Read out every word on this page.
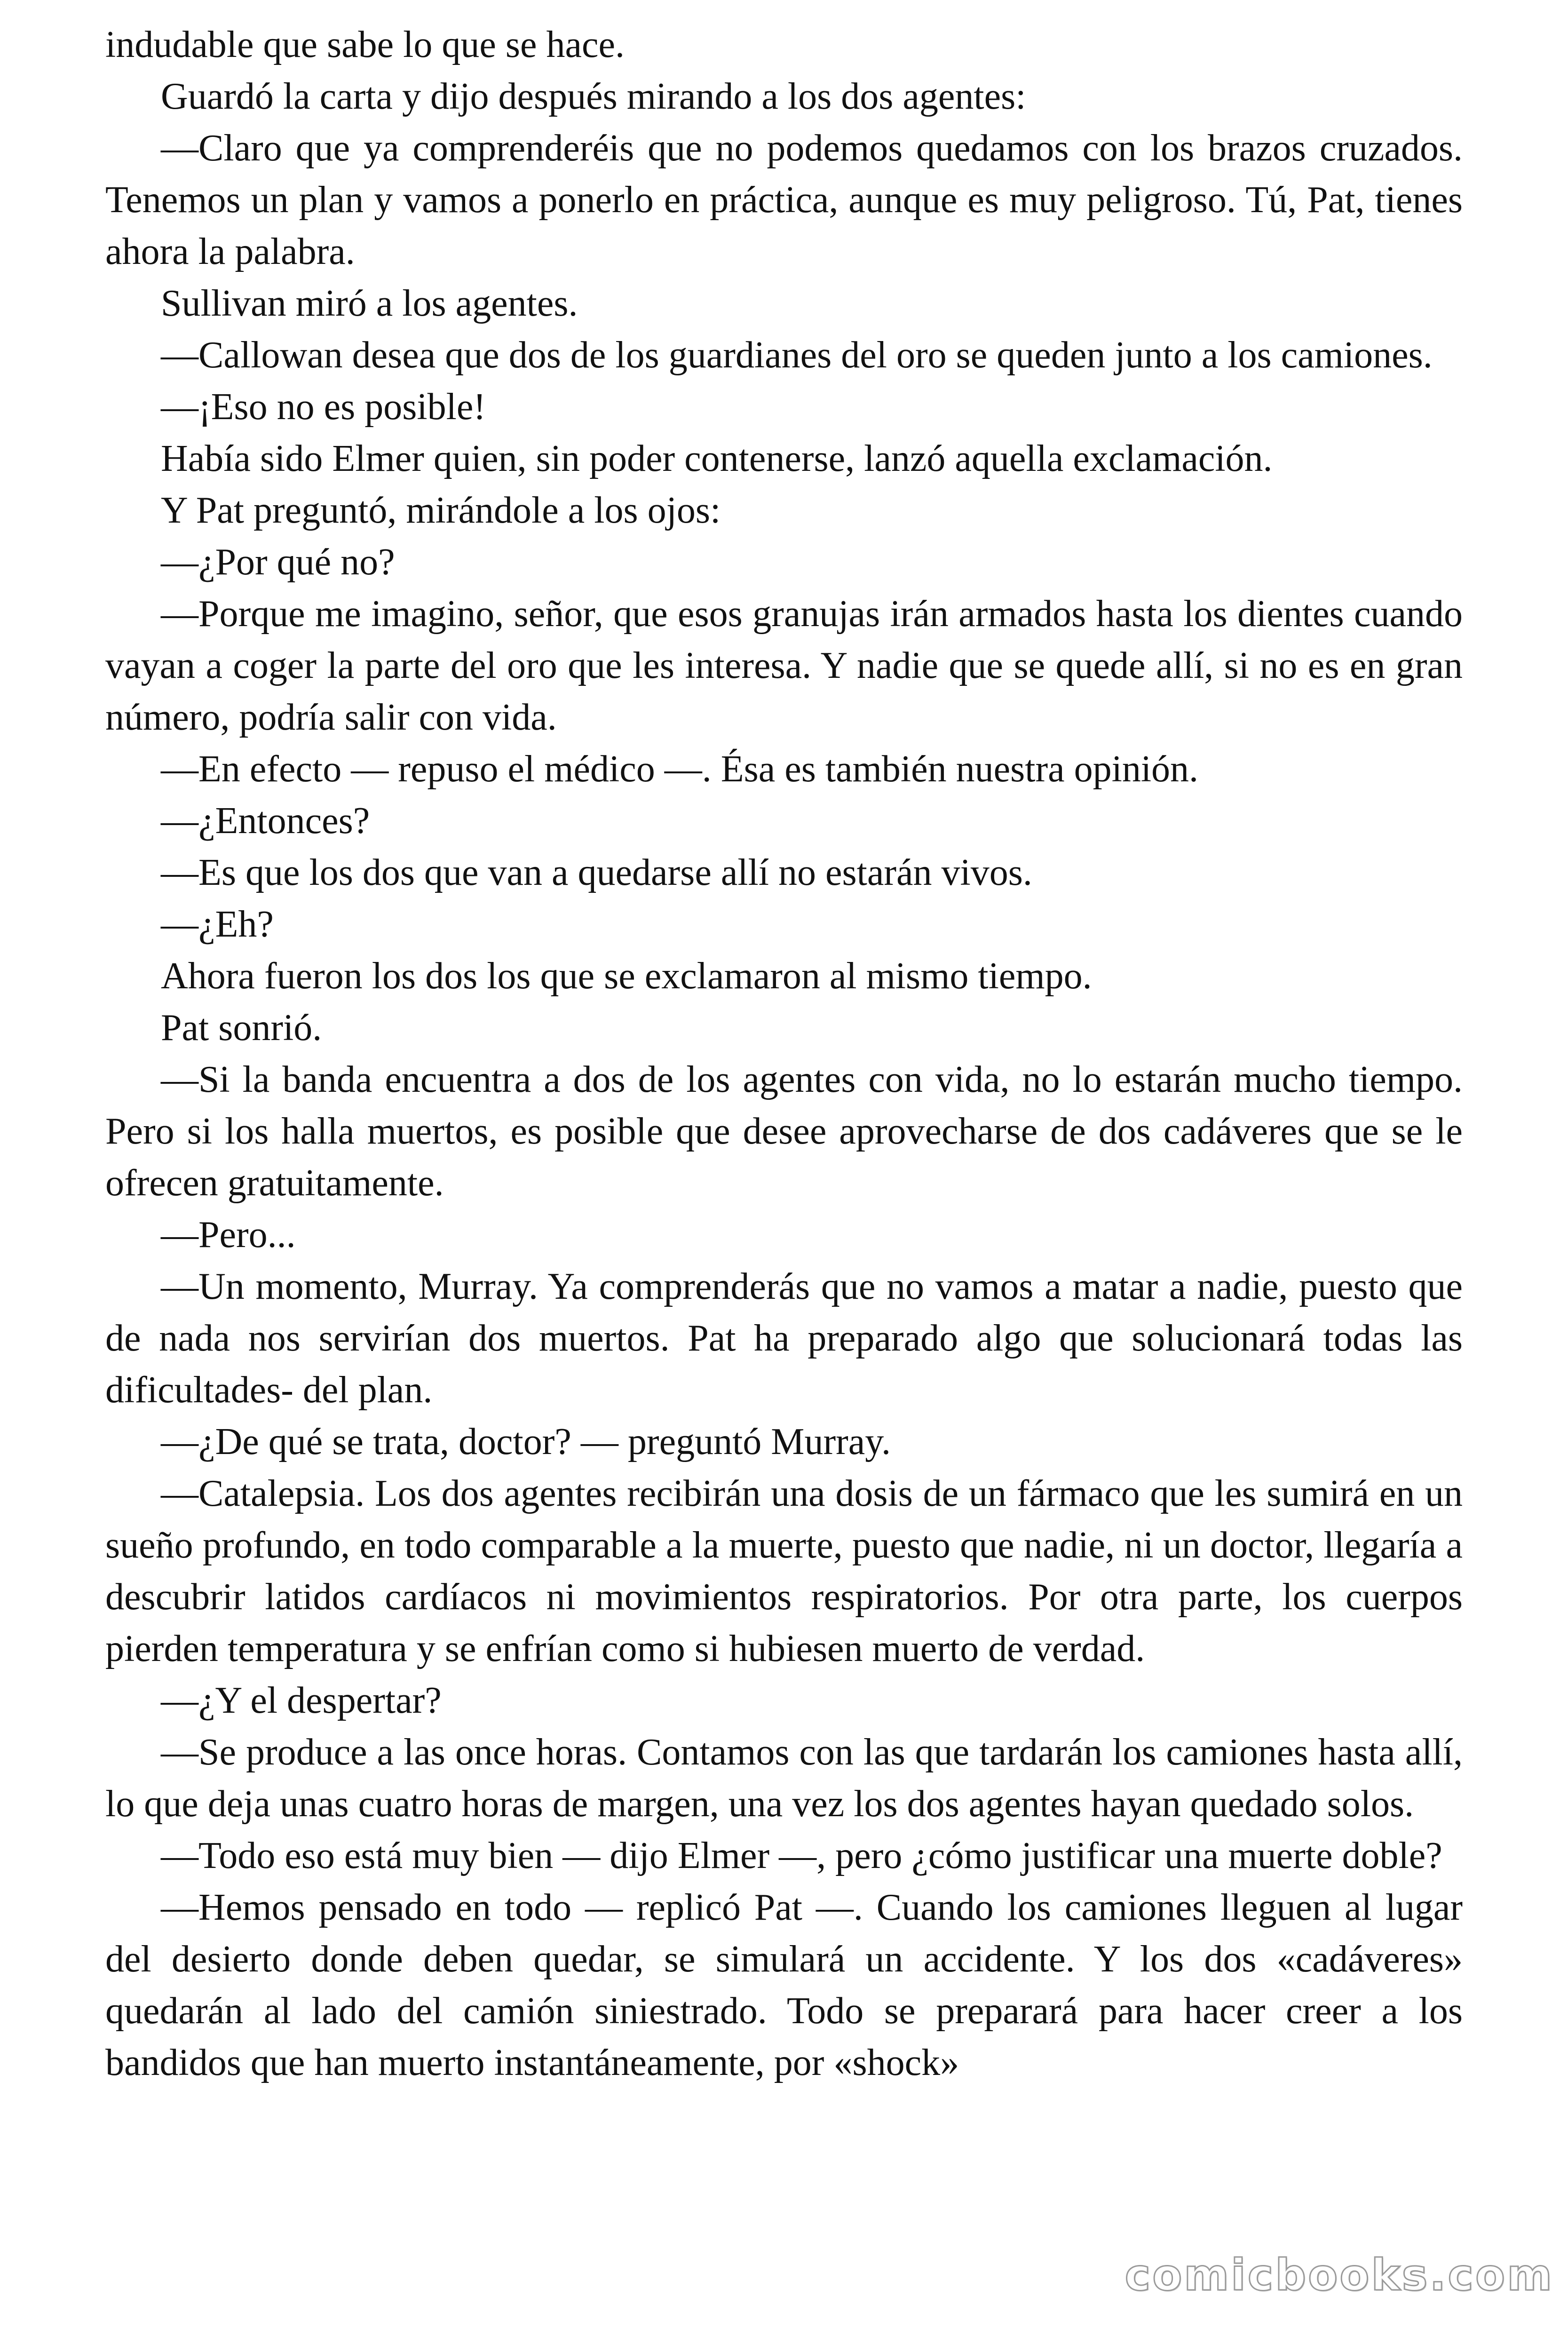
indudable que sabe lo que se hace.

Guardó la carta y dijo después mirando a los dos agentes:

—Claro que ya comprenderéis que no podemos quedamos con los brazos cruzados. Tenemos un plan y vamos a ponerlo en práctica, aunque es muy peligroso. Tú, Pat, tienes ahora la palabra.

Sullivan miró a los agentes.

—Callowan desea que dos de los guardianes del oro se queden junto a los camiones.

—¡Eso no es posible!

Había sido Elmer quien, sin poder contenerse, lanzó aquella exclamación.

Y Pat preguntó, mirándole a los ojos:

—¿Por qué no?

—Porque me imagino, señor, que esos granujas irán armados hasta los dientes cuando vayan a coger la parte del oro que les interesa. Y nadie que se quede allí, si no es en gran número, podría salir con vida.

—En efecto — repuso el médico —. Ésa es también nuestra opinión.

—¿Entonces?

—Es que los dos que van a quedarse allí no estarán vivos.

—¿Eh?

Ahora fueron los dos los que se exclamaron al mismo tiempo.

Pat sonrió.

—Si la banda encuentra a dos de los agentes con vida, no lo estarán mucho tiempo. Pero si los halla muertos, es posible que desee aprovecharse de dos cadáveres que se le ofrecen gratuitamente.

—Pero...

—Un momento, Murray. Ya comprenderás que no vamos a matar a nadie, puesto que de nada nos servirían dos muertos. Pat ha preparado algo que solucionará todas las dificultades- del plan.

—¿De qué se trata, doctor? — preguntó Murray.

—Catalepsia. Los dos agentes recibirán una dosis de un fármaco que les sumirá en un sueño profundo, en todo comparable a la muerte, puesto que nadie, ni un doctor, llegaría a descubrir latidos cardíacos ni movimientos respiratorios. Por otra parte, los cuerpos pierden temperatura y se enfrían como si hubiesen muerto de verdad.

—¿Y el despertar?

—Se produce a las once horas. Contamos con las que tardarán los camiones hasta allí, lo que deja unas cuatro horas de margen, una vez los dos agentes hayan quedado solos.

—Todo eso está muy bien — dijo Elmer —, pero ¿cómo justificar una muerte doble?

—Hemos pensado en todo — replicó Pat —. Cuando los camiones lleguen al lugar del desierto donde deben quedar, se simulará un accidente. Y los dos «cadáveres» quedarán al lado del camión siniestrado. Todo se preparará para hacer creer a los bandidos que han muerto instantáneamente, por «shock»

comicbooks.com
